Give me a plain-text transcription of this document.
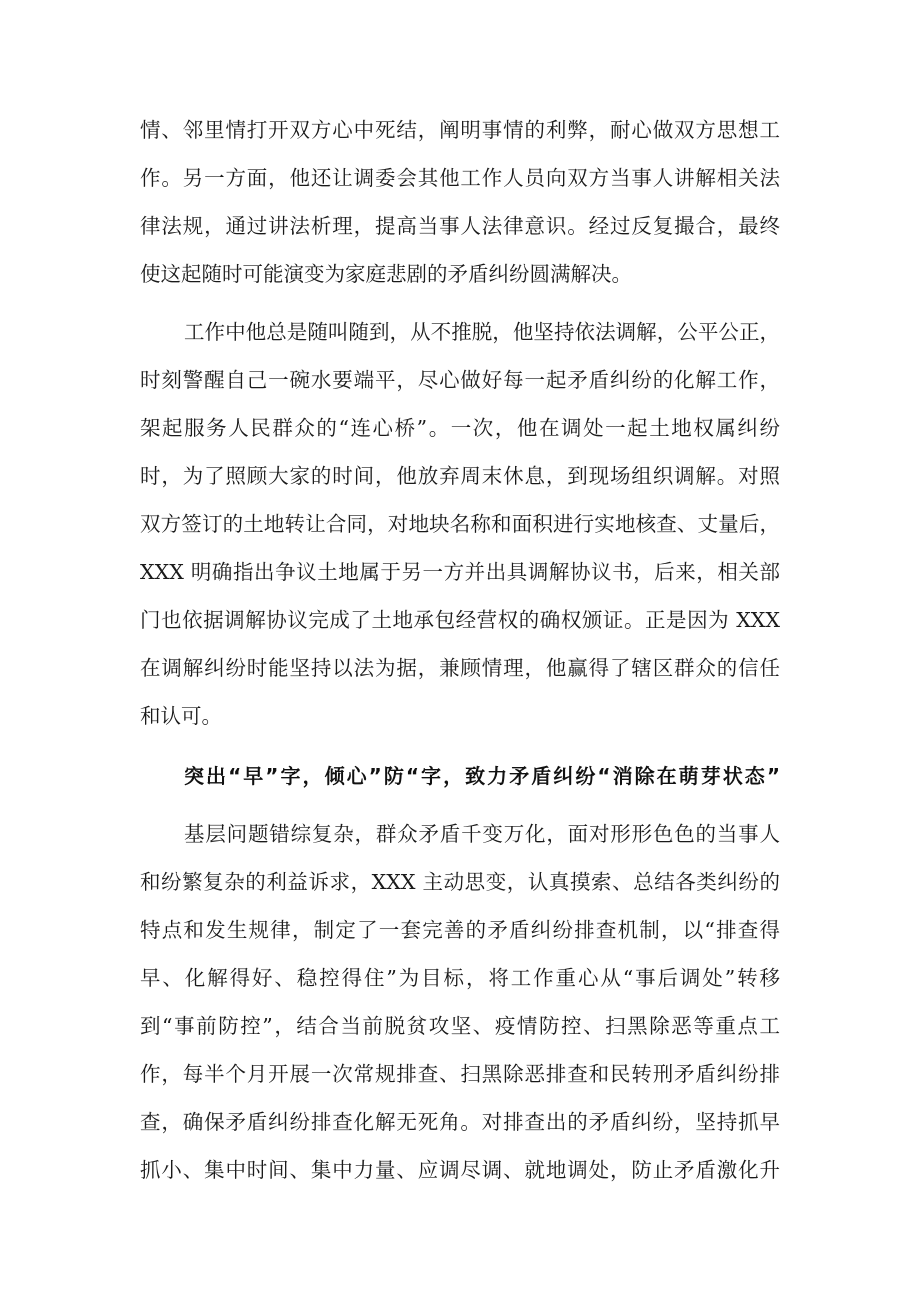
情、邻里情打开双方心中死结，阐明事情的利弊，耐心做双方思想工
作。另一方面，他还让调委会其他工作人员向双方当事人讲解相关法
律法规，通过讲法析理，提高当事人法律意识。经过反复撮合，最终
使这起随时可能演变为家庭悲剧的矛盾纠纷圆满解决。
工作中他总是随叫随到，从不推脱，他坚持依法调解，公平公正，
时刻警醒自己一碗水要端平，尽心做好每一起矛盾纠纷的化解工作，
架起服务人民群众的“连心桥”。一次，他在调处一起土地权属纠纷
时，为了照顾大家的时间，他放弃周末休息，到现场组织调解。对照
双方签订的土地转让合同，对地块名称和面积进行实地核查、丈量后，
XXX 明确指出争议土地属于另一方并出具调解协议书，后来，相关部
门也依据调解协议完成了土地承包经营权的确权颁证。正是因为 XXX
在调解纠纷时能坚持以法为据，兼顾情理，他赢得了辖区群众的信任
和认可。
突出“早”字，倾心”防“字，致力矛盾纠纷“消除在萌芽状态”
基层问题错综复杂，群众矛盾千变万化，面对形形色色的当事人
和纷繁复杂的利益诉求，XXX 主动思变，认真摸索、总结各类纠纷的
特点和发生规律，制定了一套完善的矛盾纠纷排查机制，以“排查得
早、化解得好、稳控得住”为目标，将工作重心从“事后调处”转移
到“事前防控”，结合当前脱贫攻坚、疫情防控、扫黑除恶等重点工
作，每半个月开展一次常规排查、扫黑除恶排查和民转刑矛盾纠纷排
查，确保矛盾纠纷排查化解无死角。对排查出的矛盾纠纷，坚持抓早
抓小、集中时间、集中力量、应调尽调、就地调处，防止矛盾激化升
